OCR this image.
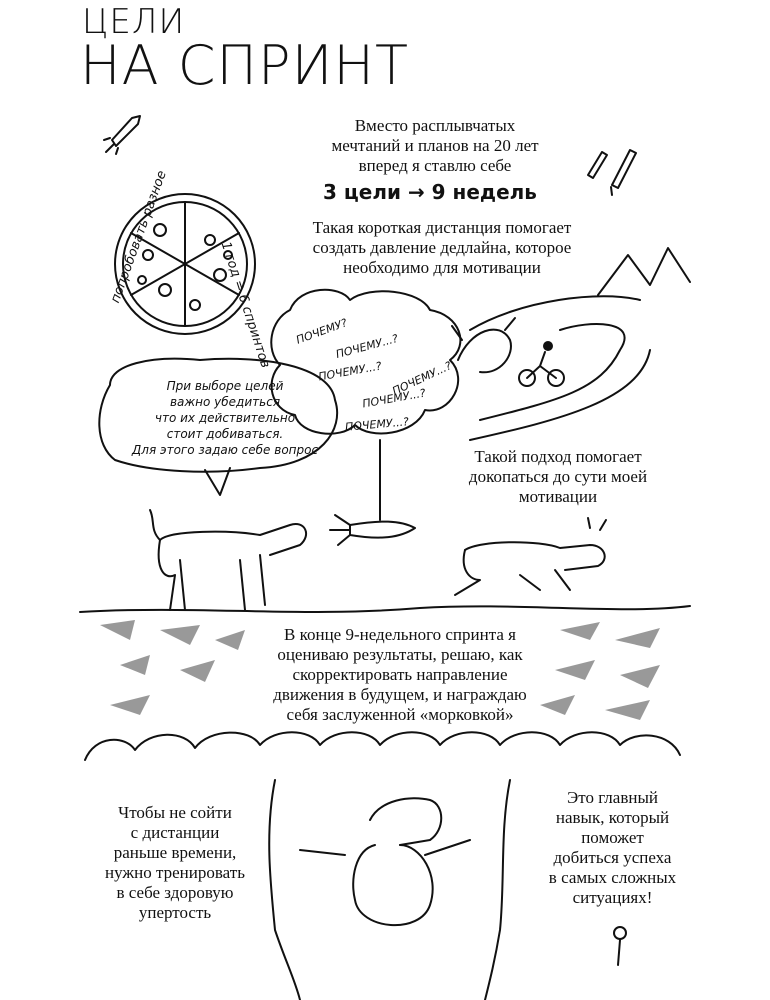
ЦЕЛИ
НА СПРИНТ
Вместо расплывчатых
мечтаний и планов на 20 лет
вперед я ставлю себе
3 цели → 9 недель
Такая короткая дистанция помогает
создать давление дедлайна, которое
необходимо для мотивации
1 год = 6 спринтов
попробовать разное
При выборе целей
важно убедиться
что их действительно
стоит добиваться.
Для этого задаю себе вопрос
ПОЧЕМУ?
ПОЧЕМУ...?
ПОЧЕМУ...? ПОЧЕМУ...?
ПОЧЕМУ...?
ПОЧЕМУ...?
Такой подход помогает
докопаться до сути моей
мотивации
В конце 9-недельного спринта я
оцениваю результаты, решаю, как
скорректировать направление
движения в будущем, и награждаю
себя заслуженной «морковкой»
Чтобы не сойти
с дистанции
раньше времени,
нужно тренировать
в себе здоровую
упертость
Это главный
навык, который
поможет
добиться успеха
в самых сложных
ситуациях!
